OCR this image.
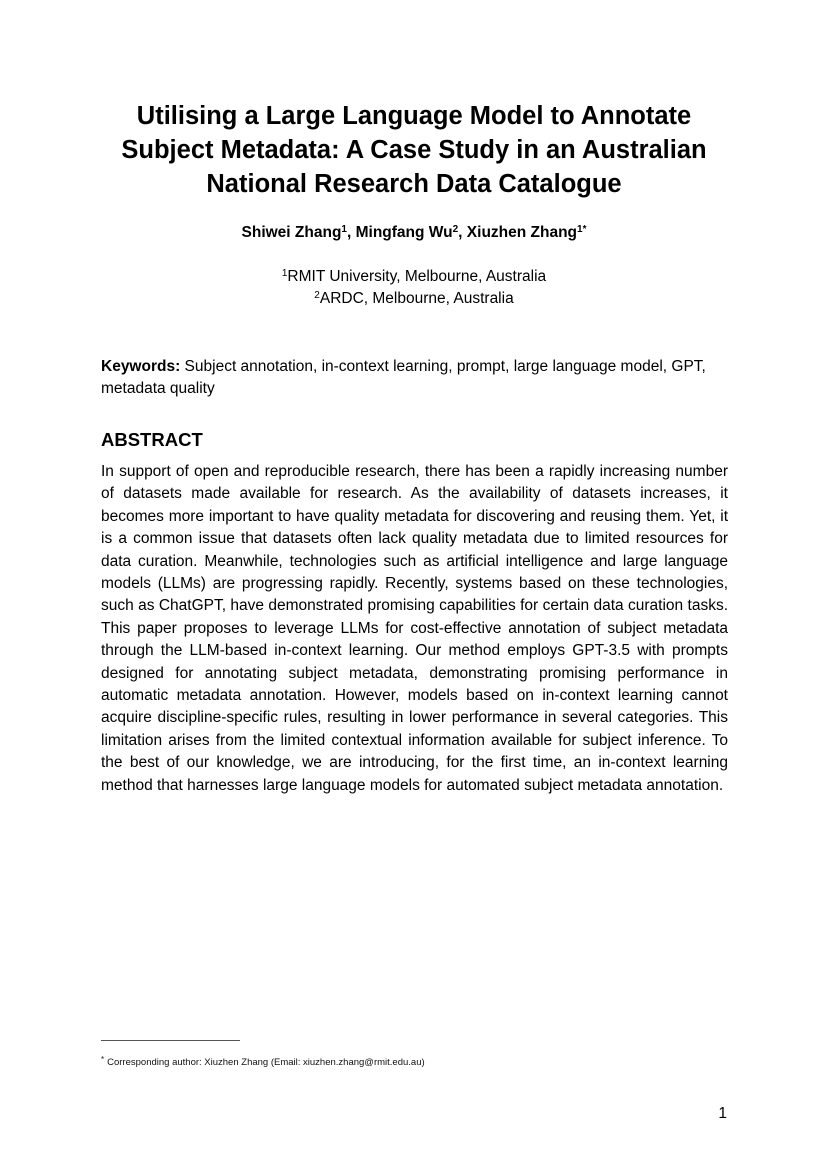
Utilising a Large Language Model to Annotate Subject Metadata: A Case Study in an Australian National Research Data Catalogue
Shiwei Zhang$^1$, Mingfang Wu$^2$, Xiuzhen Zhang$^{1*}$
$^1$RMIT University, Melbourne, Australia
$^2$ARDC, Melbourne, Australia
Keywords: Subject annotation, in-context learning, prompt, large language model, GPT, metadata quality
ABSTRACT
In support of open and reproducible research, there has been a rapidly increasing number of datasets made available for research. As the availability of datasets increases, it becomes more important to have quality metadata for discovering and reusing them. Yet, it is a common issue that datasets often lack quality metadata due to limited resources for data curation. Meanwhile, technologies such as artificial intelligence and large language models (LLMs) are progressing rapidly. Recently, systems based on these technologies, such as ChatGPT, have demonstrated promising capabilities for certain data curation tasks. This paper proposes to leverage LLMs for cost-effective annotation of subject metadata through the LLM-based in-context learning. Our method employs GPT-3.5 with prompts designed for annotating subject metadata, demonstrating promising performance in automatic metadata annotation. However, models based on in-context learning cannot acquire discipline-specific rules, resulting in lower performance in several categories. This limitation arises from the limited contextual information available for subject inference. To the best of our knowledge, we are introducing, for the first time, an in-context learning method that harnesses large language models for automated subject metadata annotation.
* Corresponding author: Xiuzhen Zhang (Email: xiuzhen.zhang@rmit.edu.au)
1
